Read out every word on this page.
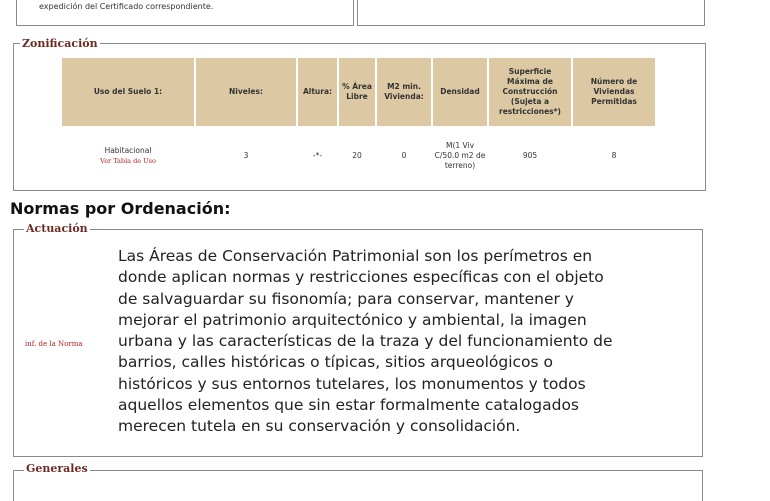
expedición del Certificado correspondiente.
Zonificación
Uso del Suelo 1:	Niveles:	Altura:	% Área Libre	M2 min. Vivienda:	Densidad	Superficie Máxima de Construcción (Sujeta a restricciones*)	Número de Viviendas Permitidas

Habitacional
Ver Tabla de Uso	3	-*-	20	0	M(1 Viv C/50.0 m2 de terreno)	905	8
Normas por Ordenación:
Actuación
inf. de la Norma
Las Áreas de Conservación Patrimonial son los perímetros en
donde aplican normas y restricciones específicas con el objeto
de salvaguardar su fisonomía; para conservar, mantener y
mejorar el patrimonio arquitectónico y ambiental, la imagen
urbana y las características de la traza y del funcionamiento de
barrios, calles históricas o típicas, sitios arqueológicos o
históricos y sus entornos tutelares, los monumentos y todos
aquellos elementos que sin estar formalmente catalogados
merecen tutela en su conservación y consolidación.
Generales
